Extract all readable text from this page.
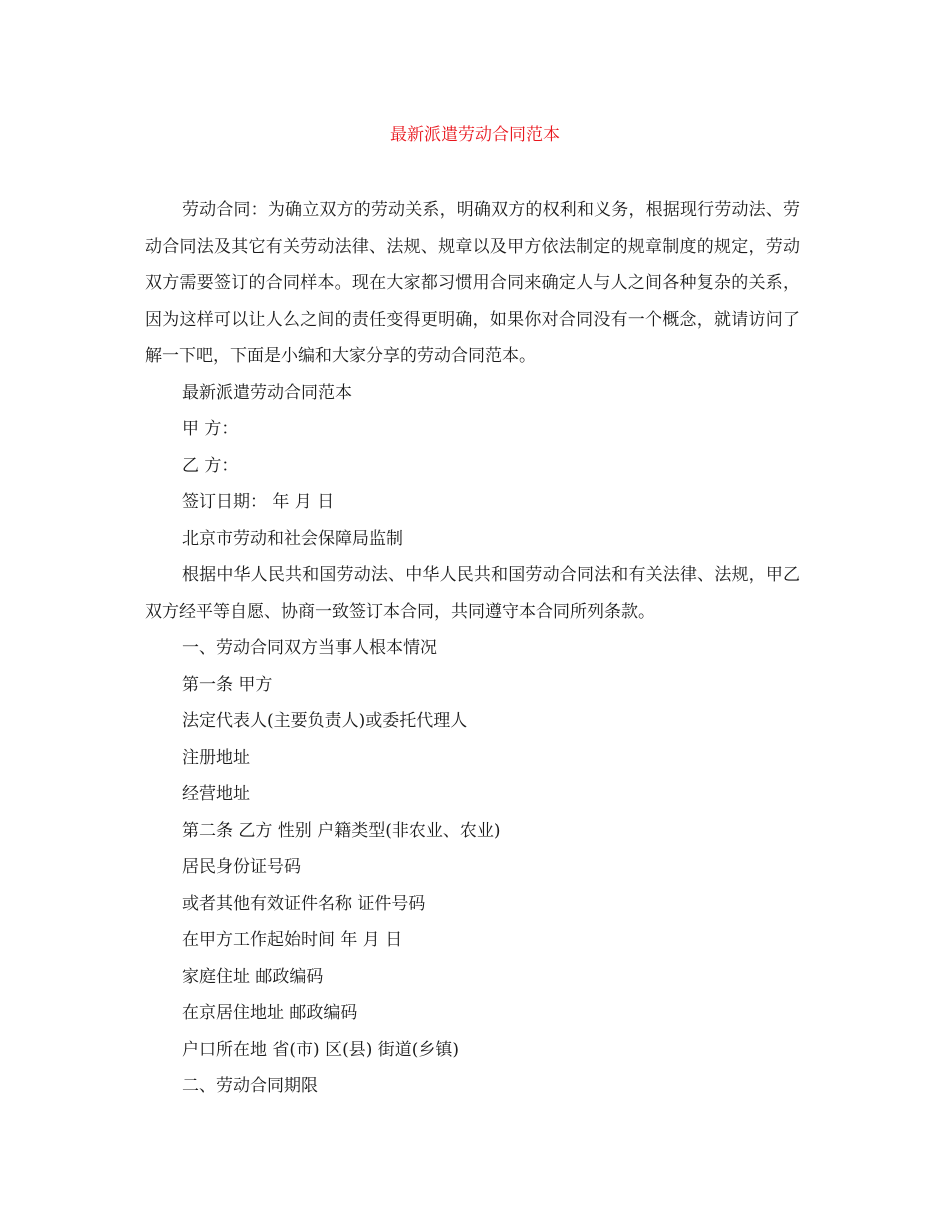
最新派遣劳动合同范本

劳动合同：为确立双方的劳动关系，明确双方的权利和义务，根据现行劳动法、劳动合同法及其它有关劳动法律、法规、规章以及甲方依法制定的规章制度的规定，劳动双方需要签订的合同样本。现在大家都习惯用合同来确定人与人之间各种复杂的关系，因为这样可以让人么之间的责任变得更明确，如果你对合同没有一个概念，就请访问了解一下吧，下面是小编和大家分享的劳动合同范本。

最新派遣劳动合同范本

甲 方：

乙 方：

签订日期： 年 月 日

北京市劳动和社会保障局监制

根据中华人民共和国劳动法、中华人民共和国劳动合同法和有关法律、法规，甲乙双方经平等自愿、协商一致签订本合同，共同遵守本合同所列条款。

一、劳动合同双方当事人根本情况

第一条 甲方

法定代表人(主要负责人)或委托代理人

注册地址

经营地址

第二条 乙方 性别 户籍类型(非农业、农业)

居民身份证号码

或者其他有效证件名称 证件号码

在甲方工作起始时间 年 月 日

家庭住址 邮政编码

在京居住地址 邮政编码

户口所在地 省(市) 区(县) 街道(乡镇)

二、劳动合同期限
